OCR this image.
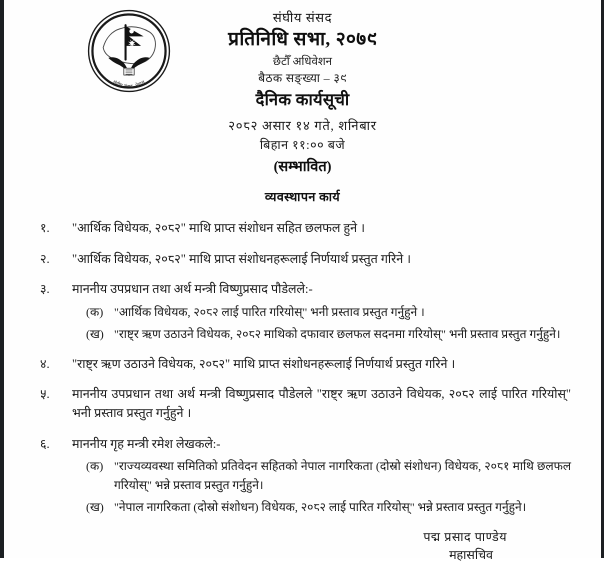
संघीय संसद, नेपाल
संघीय संसद
प्रतिनिधि सभा, २०७९
छैटौँ अधिवेशन
बैठक सङ्ख्या – ३९
दैनिक कार्यसूची
२०८२ असार १४ गते, शनिबार
बिहान ११:०० बजे
(सम्भावित)
व्यवस्थापन कार्य
१.	"आर्थिक विधेयक, २०८२" माथि प्राप्त संशोधन सहित छलफल हुने ।
२.	"आर्थिक विधेयक, २०८२" माथि प्राप्त संशोधनहरूलाई निर्णयार्थ प्रस्तुत गरिने ।
३.	माननीय उपप्रधान तथा अर्थ मन्त्री विष्णुप्रसाद पौडेलले:-
(क) "आर्थिक विधेयक, २०८२ लाई पारित गरियोस्" भनी प्रस्ताव प्रस्तुत गर्नुहुने ।
(ख) "राष्ट्र ऋण उठाउने विधेयक, २०८२ माथिको दफावार छलफल सदनमा गरियोस्" भनी प्रस्ताव प्रस्तुत गर्नुहुने।
४.	"राष्ट्र ऋण उठाउने विधेयक, २०८२" माथि प्राप्त संशोधनहरूलाई निर्णयार्थ प्रस्तुत गरिने ।
५.	माननीय उपप्रधान तथा अर्थ मन्त्री विष्णुप्रसाद पौडेलले "राष्ट्र ऋण उठाउने विधेयक, २०८२ लाई पारित गरियोस्" भनी प्रस्ताव प्रस्तुत गर्नुहुने ।
६.	माननीय गृह मन्त्री रमेश लेखकले:-
(क) "राज्यव्यवस्था समितिको प्रतिवेदन सहितको नेपाल नागरिकता (दोस्रो संशोधन) विधेयक, २०८१ माथि छलफल गरियोस्" भन्ने प्रस्ताव प्रस्तुत गर्नुहुने।
(ख) "नेपाल नागरिकता (दोस्रो संशोधन) विधेयक, २०८२ लाई पारित गरियोस्" भन्ने प्रस्ताव प्रस्तुत गर्नुहुने।
पद्म प्रसाद पाण्डेय
महासचिव
